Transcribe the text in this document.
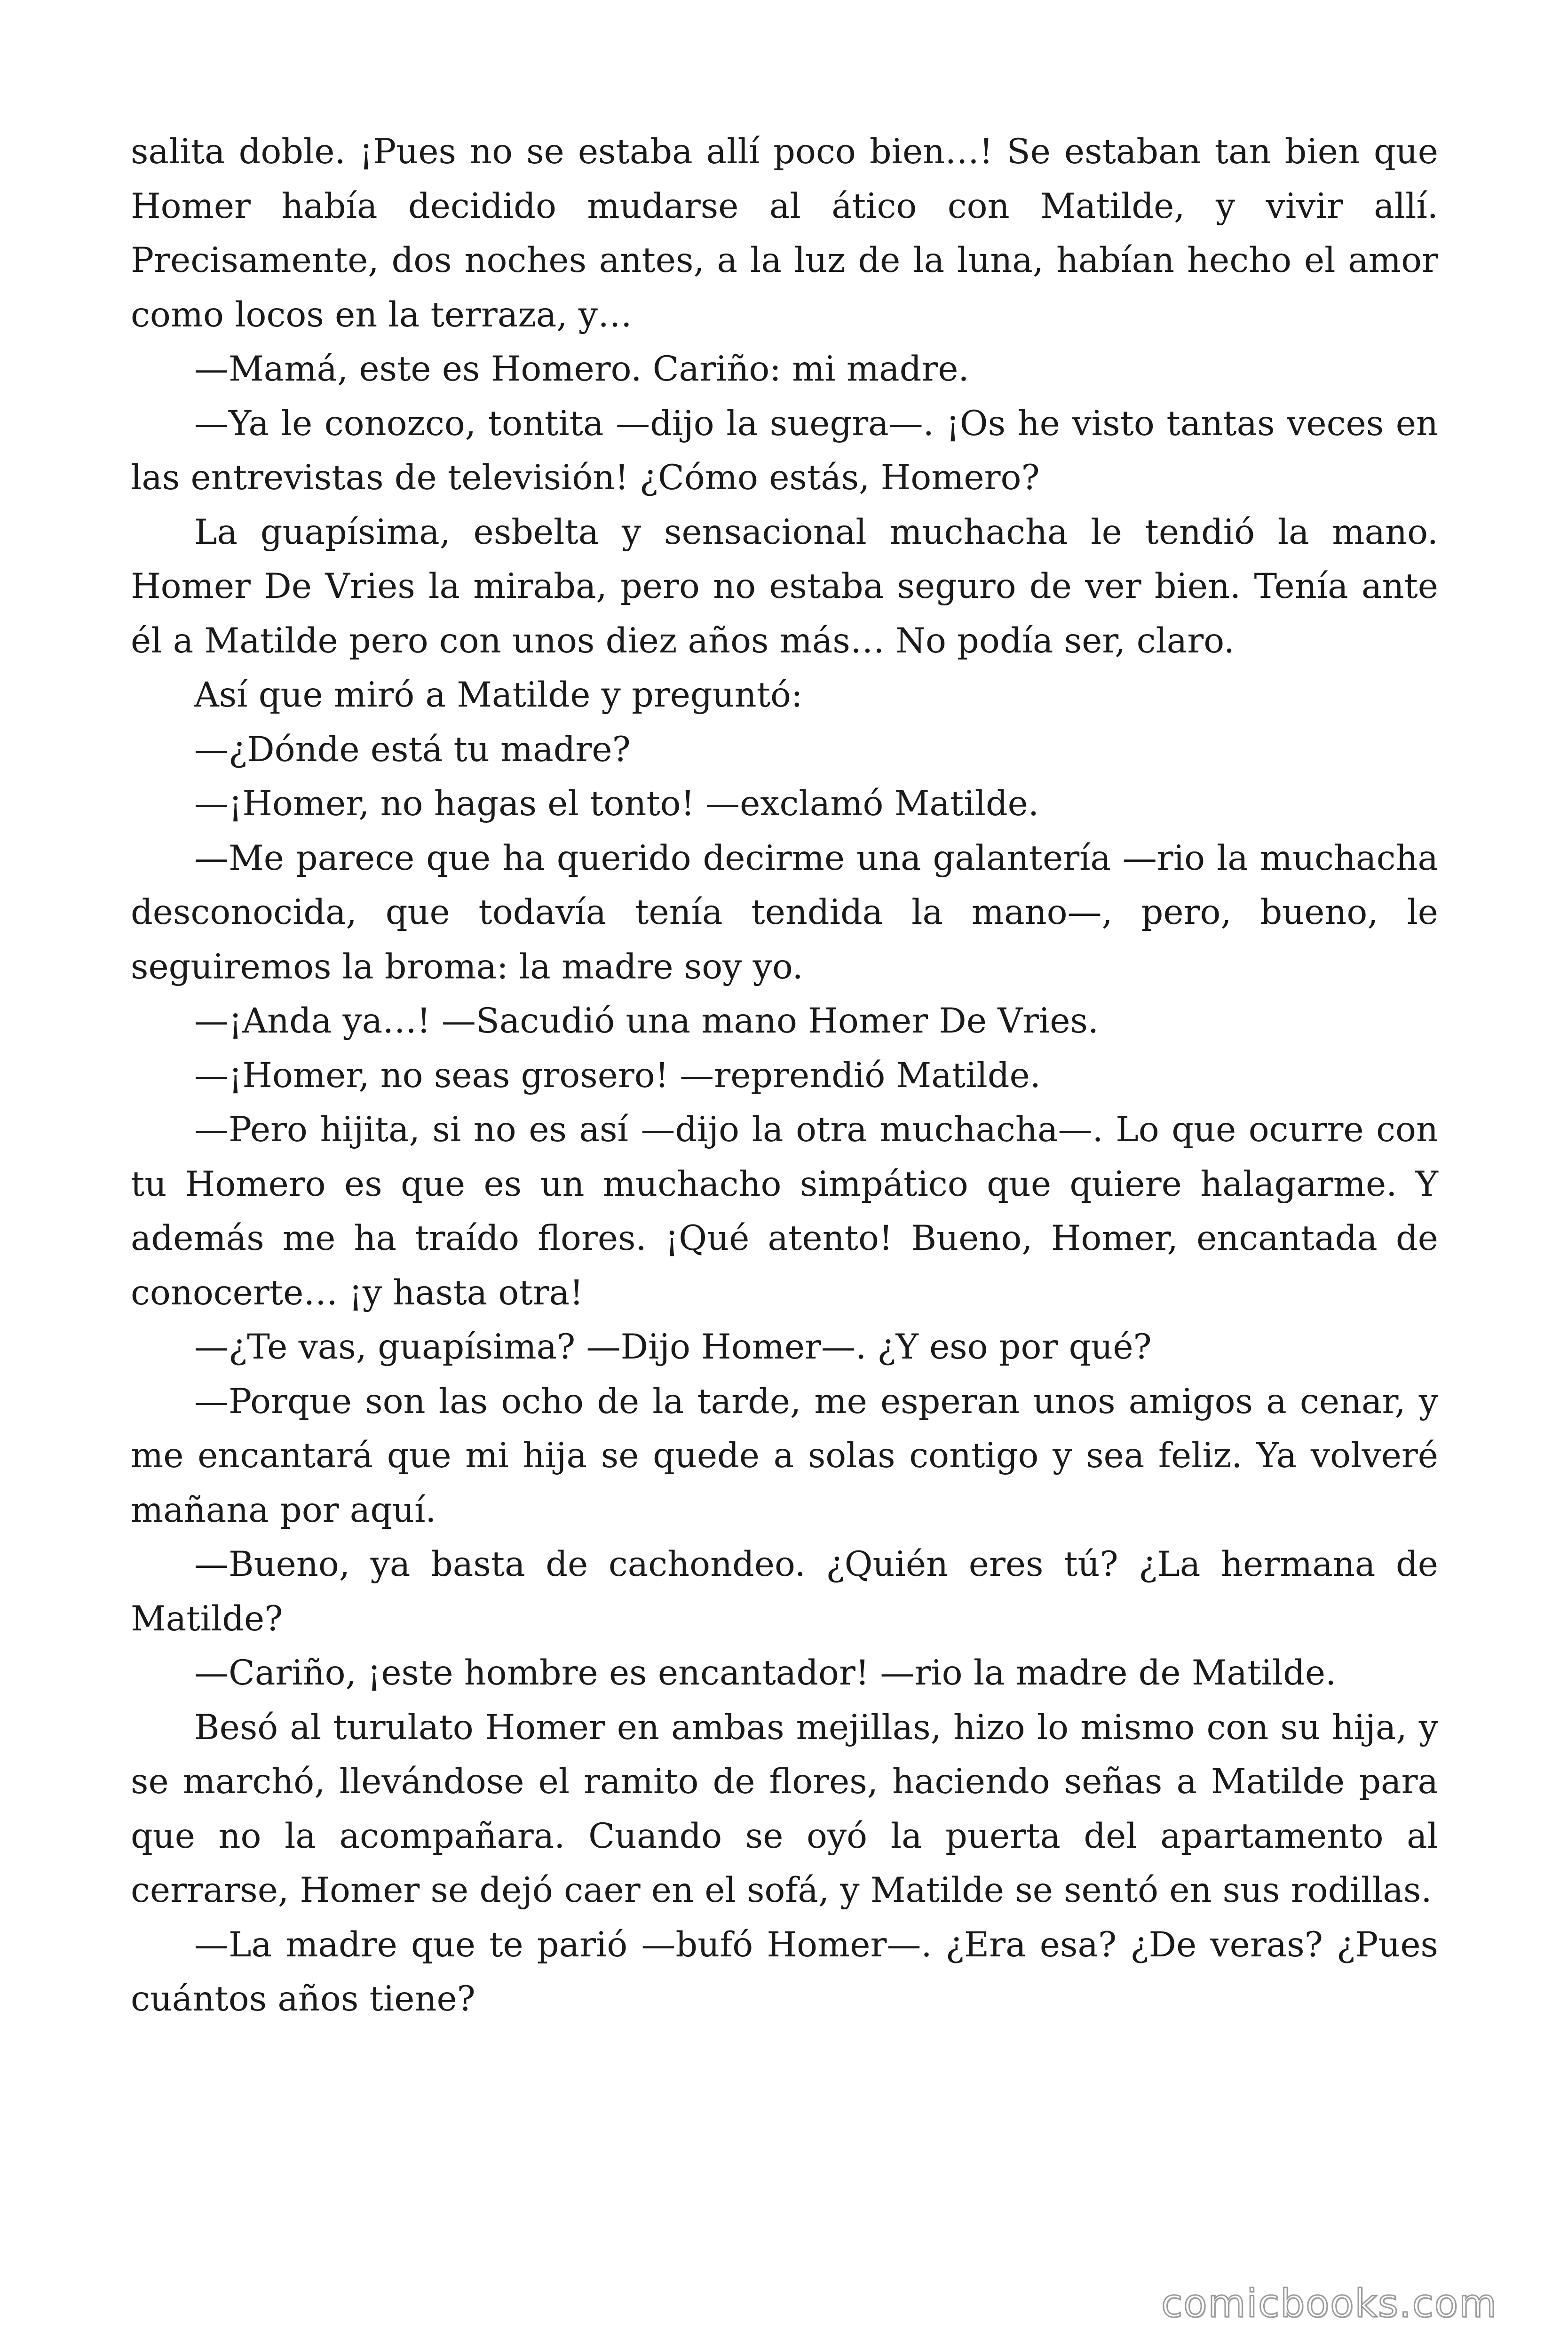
salita doble. ¡Pues no se estaba allí poco bien…! Se estaban tan bien que Homer había decidido mudarse al ático con Matilde, y vivir allí. Precisamente, dos noches antes, a la luz de la luna, habían hecho el amor como locos en la terraza, y…

—Mamá, este es Homero. Cariño: mi madre.

—Ya le conozco, tontita —dijo la suegra—. ¡Os he visto tantas veces en las entrevistas de televisión! ¿Cómo estás, Homero?

La guapísima, esbelta y sensacional muchacha le tendió la mano. Homer De Vries la miraba, pero no estaba seguro de ver bien. Tenía ante él a Matilde pero con unos diez años más… No podía ser, claro.

Así que miró a Matilde y preguntó:

—¿Dónde está tu madre?

—¡Homer, no hagas el tonto! —exclamó Matilde.

—Me parece que ha querido decirme una galantería —rio la muchacha desconocida, que todavía tenía tendida la mano—, pero, bueno, le seguiremos la broma: la madre soy yo.

—¡Anda ya…! —Sacudió una mano Homer De Vries.

—¡Homer, no seas grosero! —reprendió Matilde.

—Pero hijita, si no es así —dijo la otra muchacha—. Lo que ocurre con tu Homero es que es un muchacho simpático que quiere halagarme. Y además me ha traído flores. ¡Qué atento! Bueno, Homer, encantada de conocerte… ¡y hasta otra!

—¿Te vas, guapísima? —Dijo Homer—. ¿Y eso por qué?

—Porque son las ocho de la tarde, me esperan unos amigos a cenar, y me encantará que mi hija se quede a solas contigo y sea feliz. Ya volveré mañana por aquí.

—Bueno, ya basta de cachondeo. ¿Quién eres tú? ¿La hermana de Matilde?

—Cariño, ¡este hombre es encantador! —rio la madre de Matilde.

Besó al turulato Homer en ambas mejillas, hizo lo mismo con su hija, y se marchó, llevándose el ramito de flores, haciendo señas a Matilde para que no la acompañara. Cuando se oyó la puerta del apartamento al cerrarse, Homer se dejó caer en el sofá, y Matilde se sentó en sus rodillas.

—La madre que te parió —bufó Homer—. ¿Era esa? ¿De veras? ¿Pues cuántos años tiene?

comicbooks.com
